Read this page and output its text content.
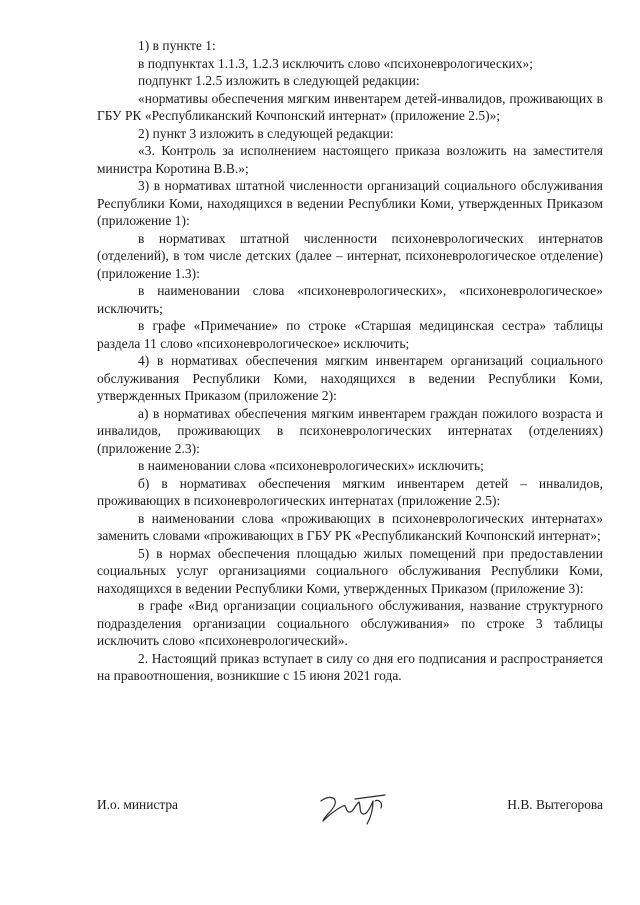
1) в пункте 1:

в подпунктах 1.1.3, 1.2.3 исключить слово «психоневрологических»;

подпункт 1.2.5 изложить в следующей редакции:

«нормативы обеспечения мягким инвентарем детей-инвалидов, проживающих в ГБУ РК «Республиканский Кочпонский интернат» (приложение 2.5)»;

2) пункт 3 изложить в следующей редакции:

«3. Контроль за исполнением настоящего приказа возложить на заместителя министра Коротина В.В.»;

3) в нормативах штатной численности организаций социального обслуживания Республики Коми, находящихся в ведении Республики Коми, утвержденных Приказом (приложение 1):

в нормативах штатной численности психоневрологических интернатов (отделений), в том числе детских (далее – интернат, психоневрологическое отделение) (приложение 1.3):

в наименовании слова «психоневрологических», «психоневрологическое» исключить;

в графе «Примечание» по строке «Старшая медицинская сестра» таблицы раздела 11 слово «психоневрологическое» исключить;

4) в нормативах обеспечения мягким инвентарем организаций социального обслуживания Республики Коми, находящихся в ведении Республики Коми, утвержденных Приказом (приложение 2):

а) в нормативах обеспечения мягким инвентарем граждан пожилого возраста и инвалидов, проживающих в психоневрологических интернатах (отделениях) (приложение 2.3):

в наименовании слова «психоневрологических» исключить;

б) в нормативах обеспечения мягким инвентарем детей – инвалидов, проживающих в психоневрологических интернатах (приложение 2.5):

в наименовании слова «проживающих в психоневрологических интернатах» заменить словами «проживающих в ГБУ РК «Республиканский Кочпонский интернат»;

5) в нормах обеспечения площадью жилых помещений при предоставлении социальных услуг организациями социального обслуживания Республики Коми, находящихся в ведении Республики Коми, утвержденных Приказом (приложение 3):

в графе «Вид организации социального обслуживания, название структурного подразделения организации социального обслуживания» по строке 3 таблицы исключить слово «психоневрологический».

2. Настоящий приказ вступает в силу со дня его подписания и распространяется на правоотношения, возникшие с 15 июня 2021 года.

И.о. министра	Н.В. Вытегорова
